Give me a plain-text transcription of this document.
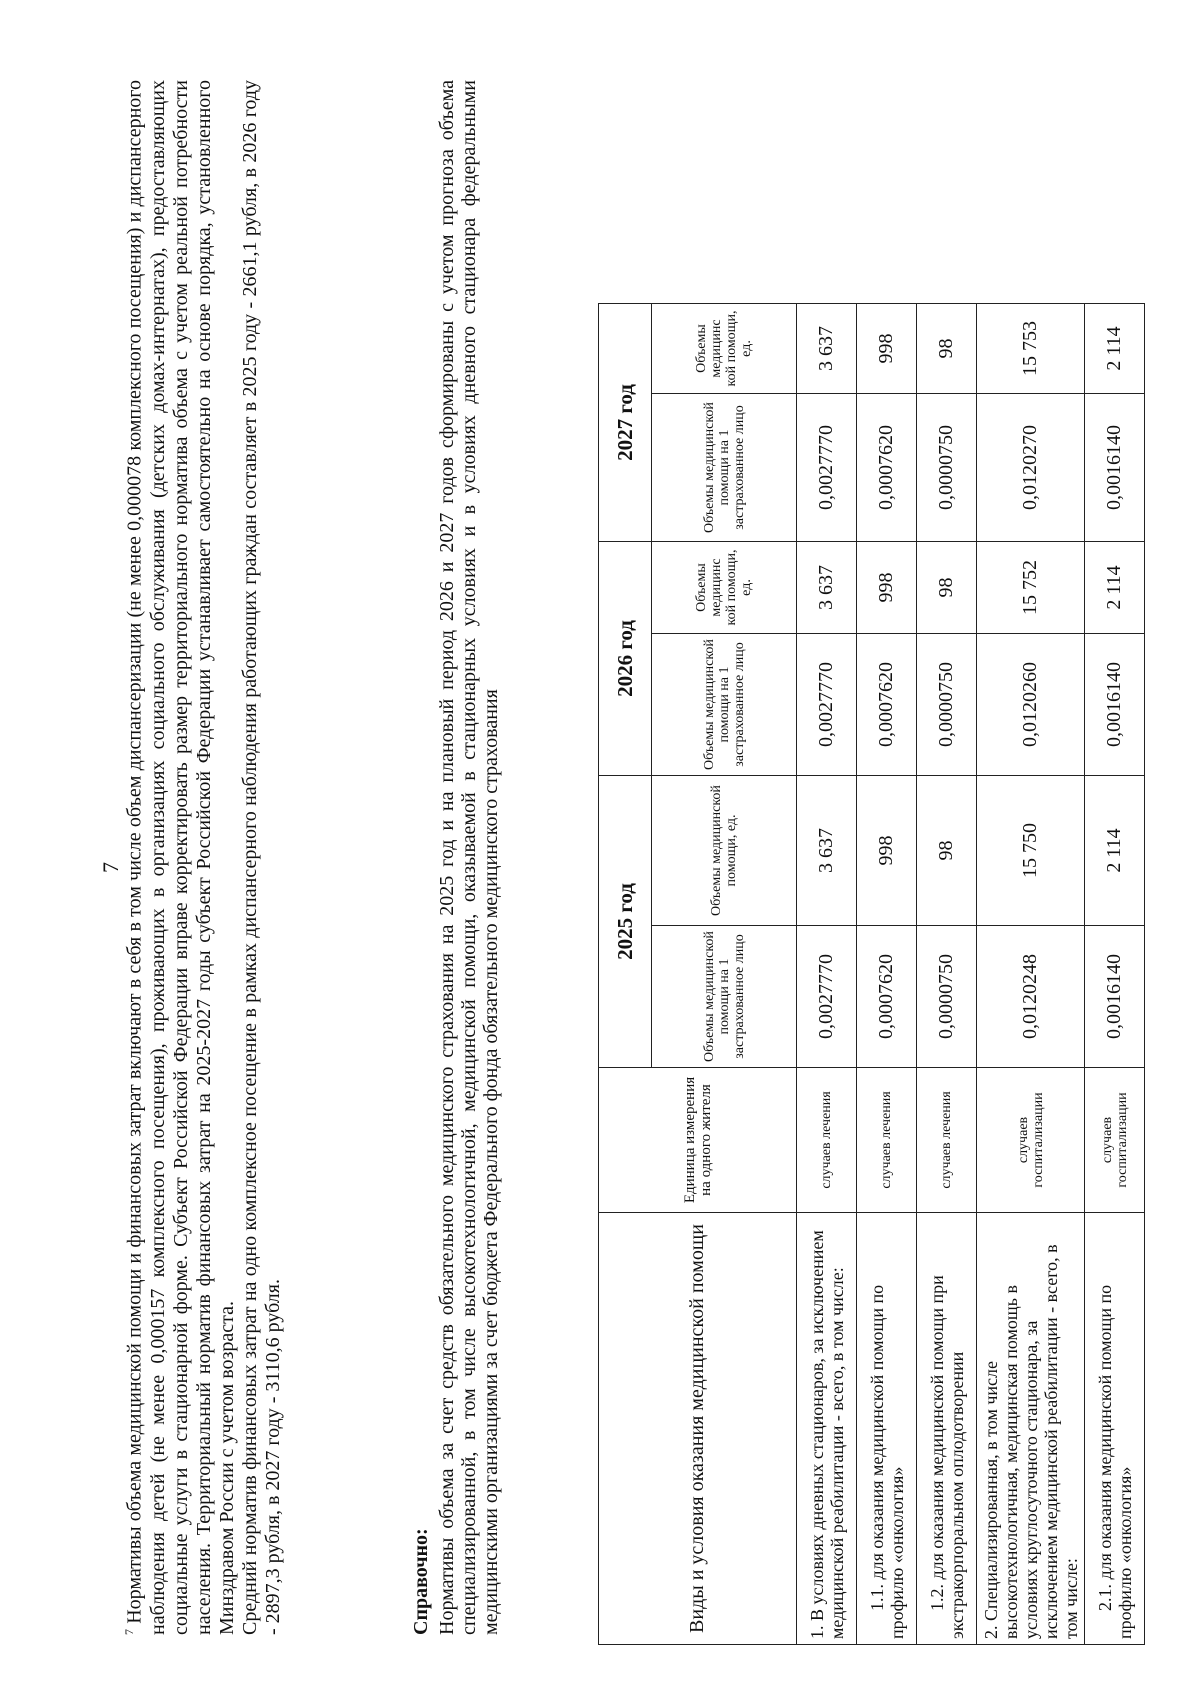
7

$^7$ Нормативы объема медицинской помощи и финансовых затрат включают в себя в том числе объем диспансеризации (не менее 0,000078 комплексного посещения) и диспансерного наблюдения детей (не менее 0,000157 комплексного посещения), проживающих в организациях социального обслуживания (детских домах-интернатах), предоставляющих социальные услуги в стационарной форме. Субъект Российской Федерации вправе корректировать размер территориального норматива объема с учетом реальной потребности населения. Территориальный норматив финансовых затрат на 2025-2027 годы субъект Российской Федерации устанавливает самостоятельно на основе порядка, установленного Минздравом России с учетом возраста. Средний норматив финансовых затрат на одно комплексное посещение в рамках диспансерного наблюдения работающих граждан составляет в 2025 году - 2661,1 рубля, в 2026 году - 2897,3 рубля, в 2027 году - 3110,6 рубля.	Справочно: Нормативы объема за счет средств обязательного медицинского страхования на 2025 год и на плановый период 2026 и 2027 годов сформированы с учетом прогноза объема специализированной, в том числе высокотехнологичной, медицинской помощи, оказываемой в стационарных условиях и в условиях дневного стационара федеральными медицинскими организациями за счет бюджета Федерального фонда обязательного медицинского страхования	Виды и условия оказания медицинской помощи	Единица измерения на одного жителя	2025 год		2026 год		2027 год	
		Объемы медицинской помощи на 1 застрахованное лицо	Объемы медицинской помощи, ед.	Объемы медицинской помощи на 1 застрахованное лицо	Объемы медицинс кой помощи, ед.	Объемы медицинской помощи на 1 застрахованное лицо	Объемы медицинс кой помощи, ед.
1. В условиях дневных стационаров, за исключением медицинской реабилитации - всего, в том числе:	случаев лечения	0,0027770	3 637	0,0027770	3 637	0,0027770	3 637
1.1. для оказания медицинской помощи по профилю «онкология»	случаев лечения	0,0007620	998	0,0007620	998	0,0007620	998
1.2. для оказания медицинской помощи при экстракорпоральном оплодотворении	случаев лечения	0,0000750	98	0,0000750	98	0,0000750	98
2. Специализированная, в том числе высокотехнологичная, медицинская помощь в условиях круглосуточного стационара, за исключением медицинской реабилитации - всего, в том числе:	случаев госпитализации	0,0120248	15 750	0,0120260	15 752	0,0120270	15 753
2.1. для оказания медицинской помощи по профилю «онкология»	случаев госпитализации	0,0016140	2 114	0,0016140	2 114	0,0016140	2 114
